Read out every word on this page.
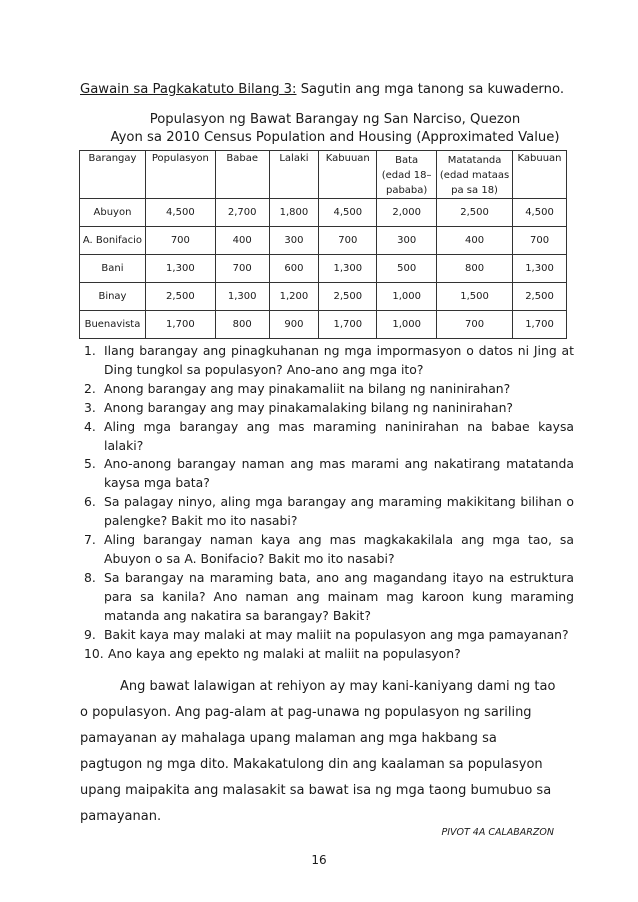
Gawain sa Pagkakatuto Bilang 3: Sagutin ang mga tanong sa kuwaderno.
Populasyon ng Bawat Barangay ng San Narciso, Quezon
Ayon sa 2010 Census Population and Housing (Approximated Value)
Barangay	Populasyon	Babae	Lalaki	Kabuuan	Bata
(edad 18–
pababa)	Matatanda
(edad mataas
pa sa 18)	Kabuuan
Abuyon	4,500	2,700	1,800	4,500	2,000	2,500	4,500
A. Bonifacio	700	400	300	700	300	400	700
Bani	1,300	700	600	1,300	500	800	1,300
Binay	2,500	1,300	1,200	2,500	1,000	1,500	2,500
Buenavista	1,700	800	900	1,700	1,000	700	1,700
1. Ilang barangay ang pinagkuhanan ng mga impormasyon o datos ni Jing at Ding tungkol sa populasyon? Ano-ano ang mga ito?
2. Anong barangay ang may pinakamaliit na bilang ng naninirahan?
3. Anong barangay ang may pinakamalaking bilang ng naninirahan?
4. Aling mga barangay ang mas maraming naninirahan na babae kaysa lalaki?
5. Ano-anong barangay naman ang mas marami ang nakatirang matatanda kaysa mga bata?
6. Sa palagay ninyo, aling mga barangay ang maraming makikitang bilihan o palengke? Bakit mo ito nasabi?
7. Aling barangay naman kaya ang mas magkakakilala ang mga tao, sa Abuyon o sa A. Bonifacio? Bakit mo ito nasabi?
8. Sa barangay na maraming bata, ano ang magandang itayo na estruktura para sa kanila? Ano naman ang mainam mag karoon kung maraming matanda ang nakatira sa barangay? Bakit?
9. Bakit kaya may malaki at may maliit na populasyon ang mga pamayanan?
10. Ano kaya ang epekto ng malaki at maliit na populasyon?

Ang bawat lalawigan at rehiyon ay may kani-kaniyang dami ng tao o populasyon. Ang pag-alam at pag-unawa ng populasyon ng sariling pamayanan ay mahalaga upang malaman ang mga hakbang sa pagtugon ng mga dito. Makakatulong din ang kaalaman sa populasyon upang maipakita ang malasakit sa bawat isa ng mga taong bumubuo sa pamayanan.

PIVOT 4A CALABARZON
16
